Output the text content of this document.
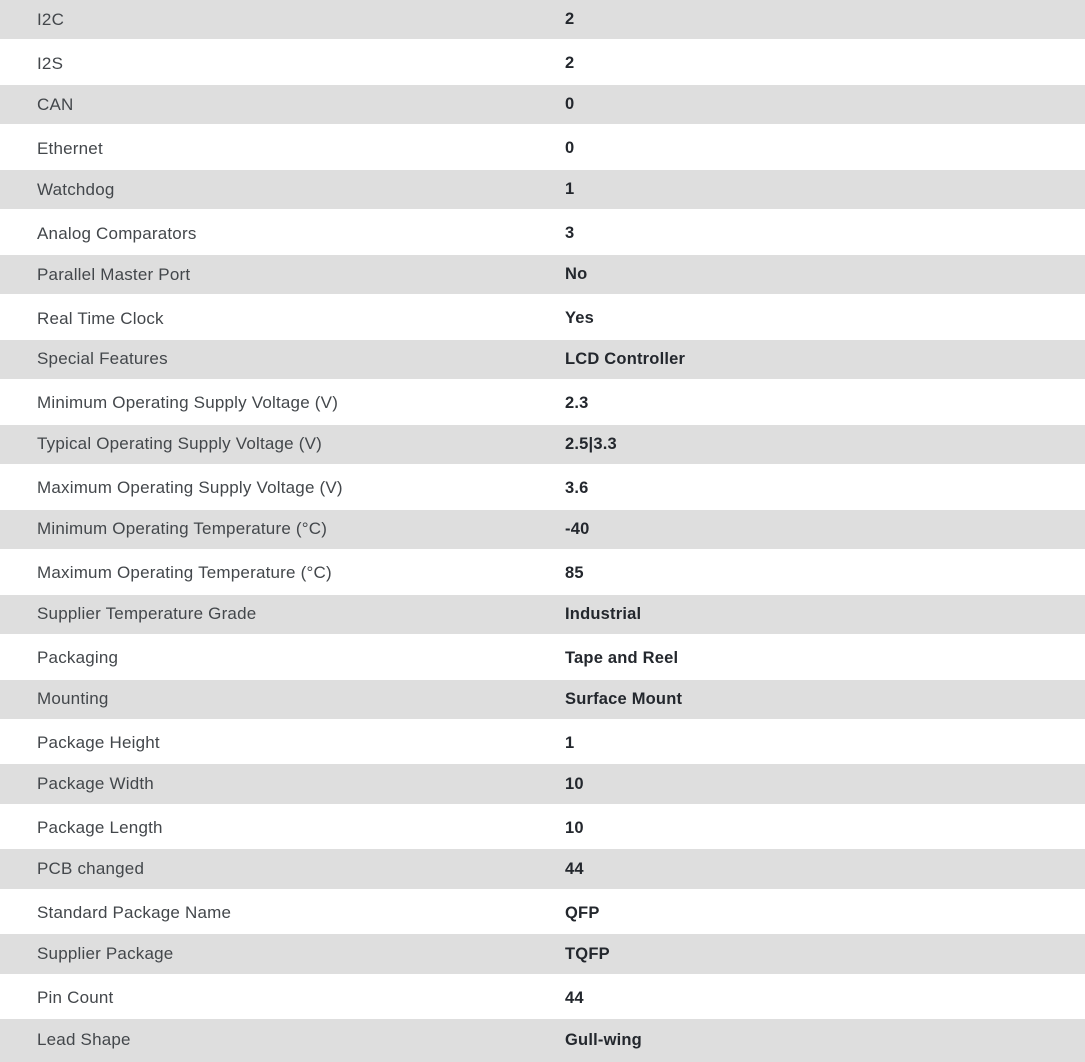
I2C	2
I2S	2
CAN	0
Ethernet	0
Watchdog	1
Analog Comparators	3
Parallel Master Port	No
Real Time Clock	Yes
Special Features	LCD Controller
Minimum Operating Supply Voltage (V)	2.3
Typical Operating Supply Voltage (V)	2.5|3.3
Maximum Operating Supply Voltage (V)	3.6
Minimum Operating Temperature (°C)	-40
Maximum Operating Temperature (°C)	85
Supplier Temperature Grade	Industrial
Packaging	Tape and Reel
Mounting	Surface Mount
Package Height	1
Package Width	10
Package Length	10
PCB changed	44
Standard Package Name	QFP
Supplier Package	TQFP
Pin Count	44
Lead Shape	Gull-wing
